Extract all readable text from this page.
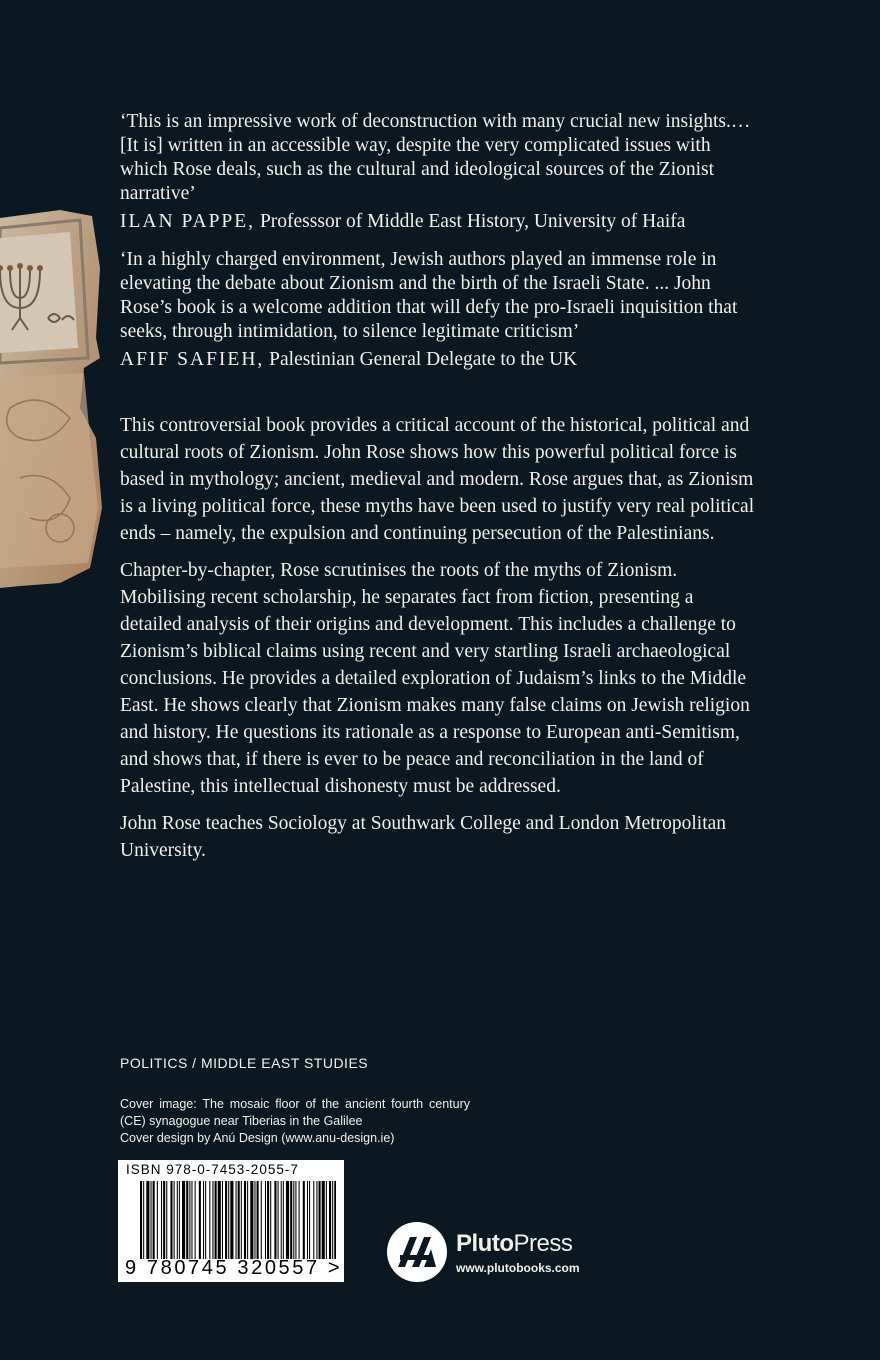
‘This is an impressive work of deconstruction with many crucial new insights.… [It is] written in an accessible way, despite the very complicated issues with which Rose deals, such as the cultural and ideological sources of the Zionist narrative’

ILAN PAPPE, Professsor of Middle East History, University of Haifa

‘In a highly charged environment, Jewish authors played an immense role in elevating the debate about Zionism and the birth of the Israeli State. ... John Rose’s book is a welcome addition that will defy the pro-Israeli inquisition that seeks, through intimidation, to silence legitimate criticism’

AFIF SAFIEH, Palestinian General Delegate to the UK

This controversial book provides a critical account of the historical, political and cultural roots of Zionism. John Rose shows how this powerful political force is based in mythology; ancient, medieval and modern. Rose argues that, as Zionism is a living political force, these myths have been used to justify very real political ends – namely, the expulsion and continuing persecution of the Palestinians.

Chapter-by-chapter, Rose scrutinises the roots of the myths of Zionism. Mobilising recent scholarship, he separates fact from fiction, presenting a detailed analysis of their origins and development. This includes a challenge to Zionism’s biblical claims using recent and very startling Israeli archaeological conclusions. He provides a detailed exploration of Judaism’s links to the Middle East. He shows clearly that Zionism makes many false claims on Jewish religion and history. He questions its rationale as a response to European anti-Semitism, and shows that, if there is ever to be peace and reconciliation in the land of Palestine, this intellectual dishonesty must be addressed.

John Rose teaches Sociology at Southwark College and London Metropolitan University.

POLITICS / MIDDLE EAST STUDIES
Cover image: The mosaic floor of the ancient fourth century (CE) synagogue near Tiberias in the Galilee
Cover design by Anú Design (www.anu-design.ie)
ISBN 978-0-7453-2055-7
9 780745 320557 >
PlutoPress
www.plutobooks.com
